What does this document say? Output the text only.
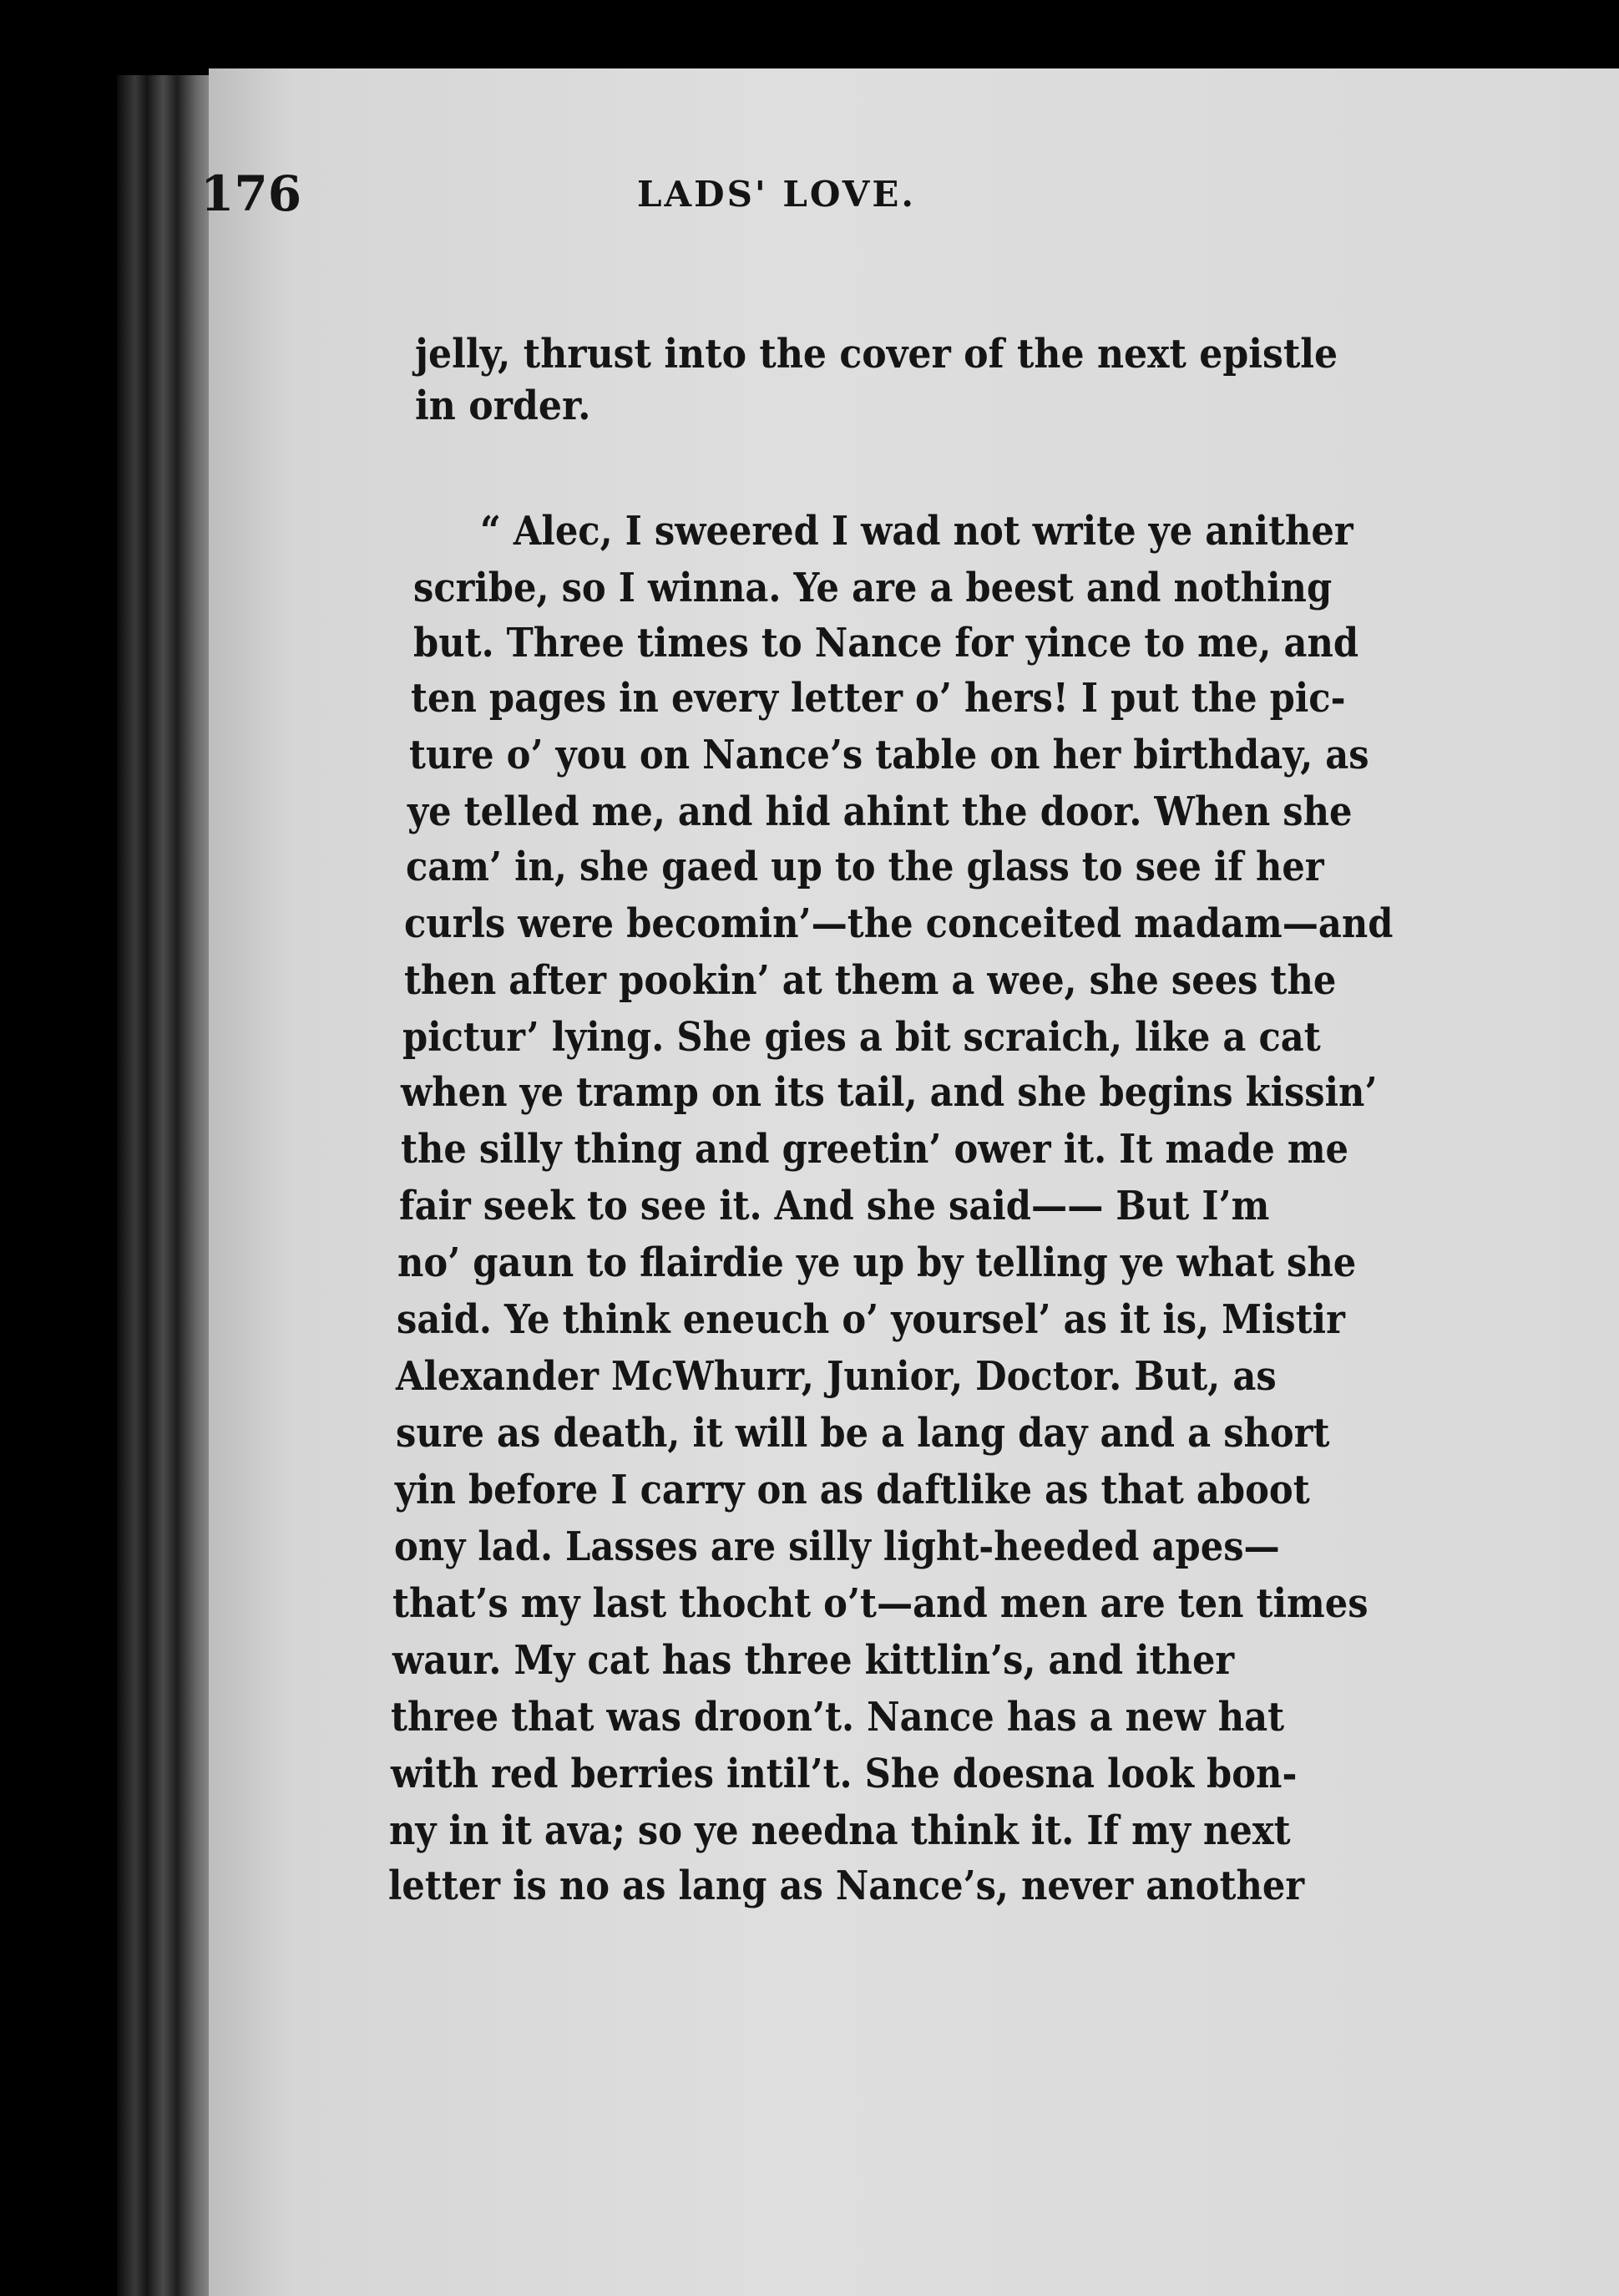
176	LADS' LOVE.
jelly, thrust into the cover of the next epistle
in order.
“ Alec, I sweered I wad not write ye anither
scribe, so I winna. Ye are a beest and nothing
but. Three times to Nance for yince to me, and
ten pages in every letter o’ hers! I put the pic-
ture o’ you on Nance’s table on her birthday, as
ye telled me, and hid ahint the door. When she
cam’ in, she gaed up to the glass to see if her
curls were becomin’—the conceited madam—and
then after pookin’ at them a wee, she sees the
pictur’ lying. She gies a bit scraich, like a cat
when ye tramp on its tail, and she begins kissin’
the silly thing and greetin’ ower it. It made me
fair seek to see it. And she said—— But I’m
no’ gaun to flairdie ye up by telling ye what she
said. Ye think eneuch o’ yoursel’ as it is, Mistir
Alexander McWhurr, Junior, Doctor. But, as
sure as death, it will be a lang day and a short
yin before I carry on as daftlike as that aboot
ony lad. Lasses are silly light-heeded apes—
that’s my last thocht o’t—and men are ten times
waur. My cat has three kittlin’s, and ither
three that was droon’t. Nance has a new hat
with red berries intil’t. She doesna look bon-
ny in it ava; so ye needna think it. If my next
letter is no as lang as Nance’s, never another
